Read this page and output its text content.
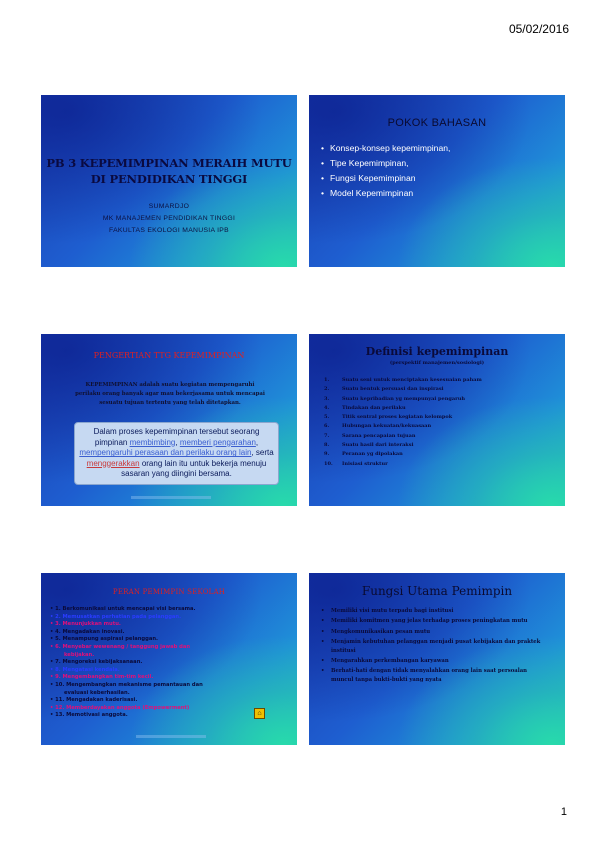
05/02/2016
PB 3 KEPEMIMPINAN MERAIH MUTU
DI PENDIDIKAN TINGGI
SUMARDJO
MK MANAJEMEN PENDIDIKAN TINGGI
FAKULTAS EKOLOGI MANUSIA IPB
POKOK BAHASAN
• Konsep-konsep kepemimpinan,
• Tipe Kepemimpinan,
• Fungsi Kepemimpinan
• Model Kepemimpinan
PENGERTIAN TTG KEPEMIMPINAN
KEPEMIMPINAN adalah suatu kegiatan mempengaruhi perilaku orang banyak agar mau bekerjasama untuk mencapai sesuatu tujuan tertentu yang telah ditetapkan.
Dalam proses kepemimpinan tersebut seorang pimpinan membimbing, memberi pengarahan, mempengaruhi perasaan dan perilaku orang lain, serta menggerakkan orang lain itu untuk bekerja menuju sasaran yang diingini bersama.
Definisi kepemimpinan
(perspektif manajemen/sosiologi)
1.	Suatu seni untuk menciptakan kesesuaian paham
2.	Suatu bentuk persuasi dan inspirasi
3.	Suatu kepribadian yg mempunyai pengaruh
4.	Tindakan dan perilaku
5.	Titik sentral proses kegiatan kelompok
6.	Hubungan kekuatan/kekuasaan
7.	Sarana pencapaian tujuan
8.	Suatu hasil dari interaksi
9.	Peranan yg dipolakan
10. Inisiasi struktur
PERAN PEMIMPIN SEKOLAH
• 1. Berkomunikasi untuk mencapai visi bersama.
• 2. Memusatkan perhatian pada pelanggan.
• 3. Menunjukkan mutu.
• 4. Mengadakan inovasi.
• 5. Menampung aspirasi pelanggan.
• 6. Menyebar wewenang / tanggung jawab dan
kebijakan.
• 7. Mengoreksi kebijaksanaan.
• 8. Mengatasi kendala.
• 9. Mengembangkan tim-tim kecil.
• 10. Mengembangkan mekanisme pemantauan dan
evaluasi keberhasilan.
• 11. Mengadakan kaderisasi.
• 12. Memberdayakan anggota (Empowerment)
• 13. Memotivasi anggota.	⌂
Fungsi Utama Pemimpin
• Memiliki visi mutu terpadu bagi institusi
• Memiliki komitmen yang jelas terhadap proses peningkatan mutu
• Mengkomunikasikan pesan mutu
• Menjamin kebutuhan pelanggan menjadi pusat kebijakan dan praktek institusi
• Mengarahkan perkembangan karyawan
• Berhati-hati dengan tidak menyalahkan orang lain saat persoalan muncul tanpa bukti-bukti yang nyata
1
